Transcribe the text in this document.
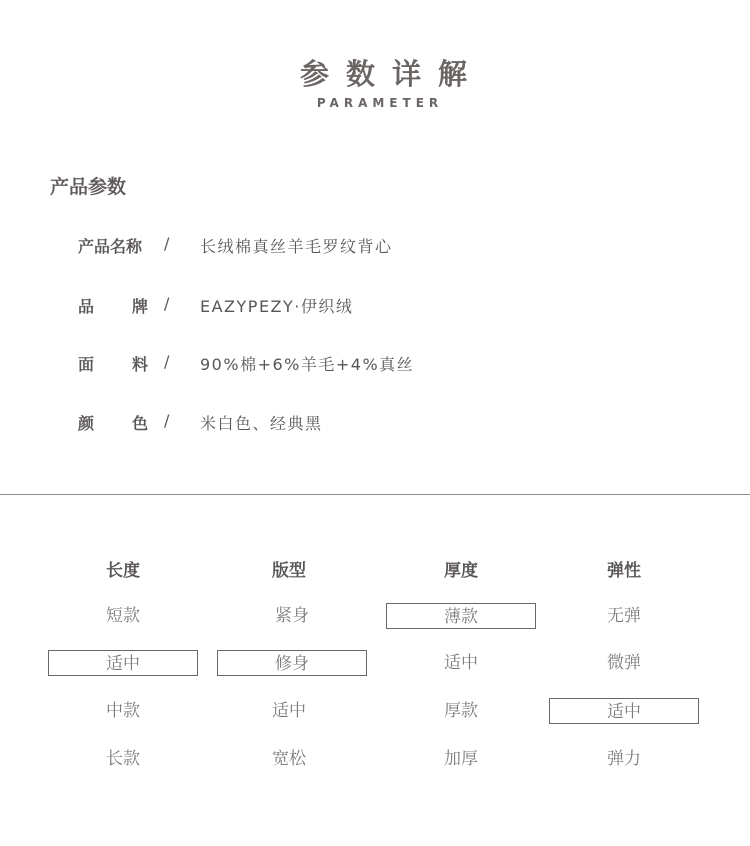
参数详解
PARAMETER
产品参数
产品名称	/ 长绒棉真丝羊毛罗纹背心
品 牌 / EAZYPEZY·伊织绒
面 料 / 90%棉+6%羊毛+4%真丝
颜 色 / 米白色、经典黑
长度
短款
适中
中款
长款
版型
紧身
修身
适中
宽松
厚度
薄款
适中
厚款
加厚
弹性
无弹
微弹
适中
弹力
